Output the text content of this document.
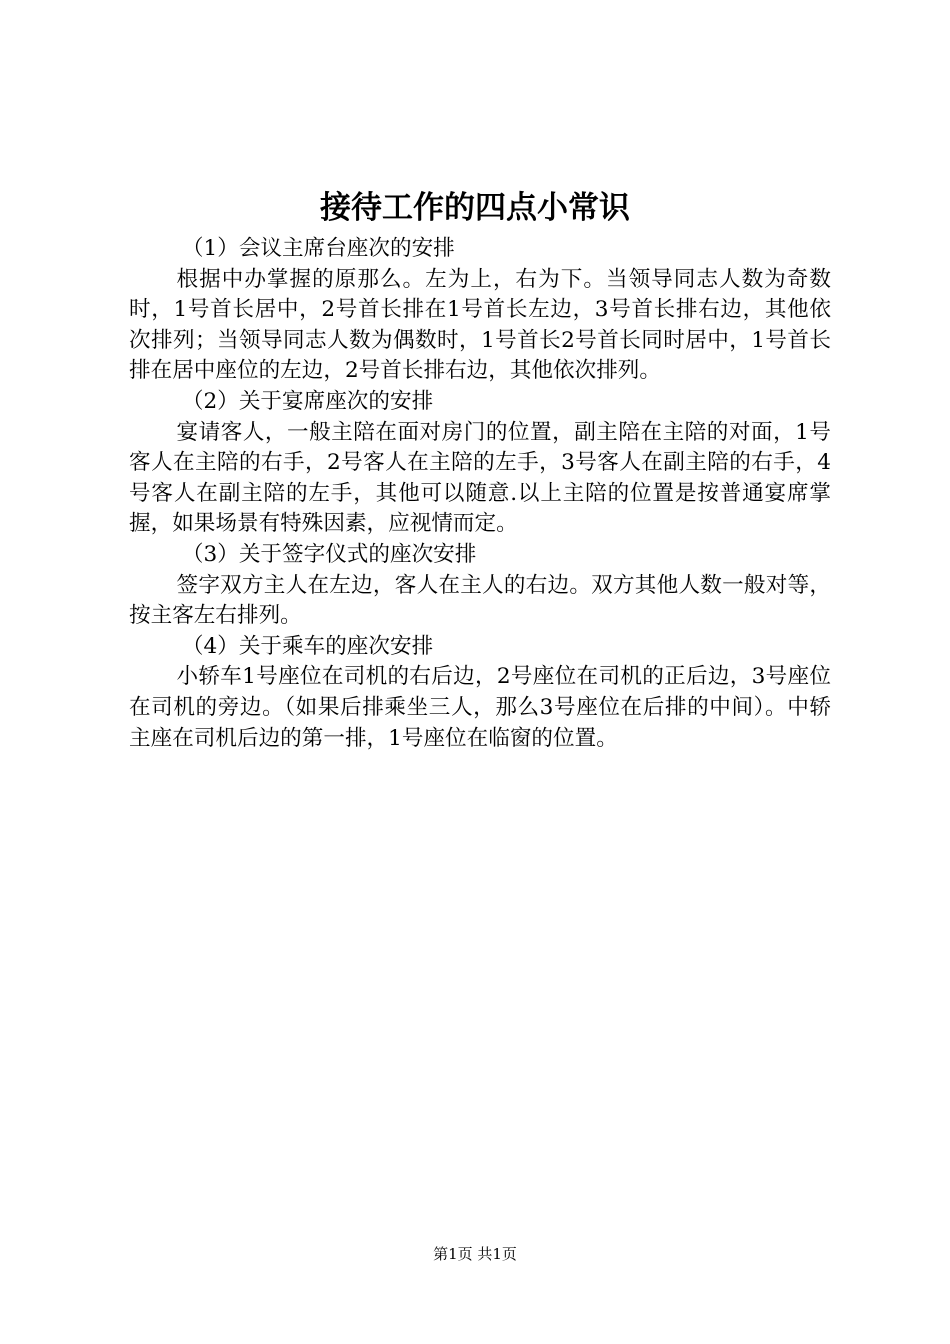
接待工作的四点小常识

（1）会议主席台座次的安排

根据中办掌握的原那么。左为上，右为下。当领导同志人数为奇数时，1号首长居中，2号首长排在1号首长左边，3号首长排右边，其他依次排列；当领导同志人数为偶数时，1号首长2号首长同时居中，1号首长排在居中座位的左边，2号首长排右边，其他依次排列。

（2）关于宴席座次的安排

宴请客人，一般主陪在面对房门的位置，副主陪在主陪的对面，1号客人在主陪的右手，2号客人在主陪的左手，3号客人在副主陪的右手，4号客人在副主陪的左手，其他可以随意.以上主陪的位置是按普通宴席掌握，如果场景有特殊因素，应视情而定。

（3）关于签字仪式的座次安排

签字双方主人在左边，客人在主人的右边。双方其他人数一般对等，按主客左右排列。

（4）关于乘车的座次安排

小轿车1号座位在司机的右后边，2号座位在司机的正后边，3号座位在司机的旁边。（如果后排乘坐三人，那么3号座位在后排的中间）。中轿主座在司机后边的第一排，1号座位在临窗的位置。

第1页 共1页
